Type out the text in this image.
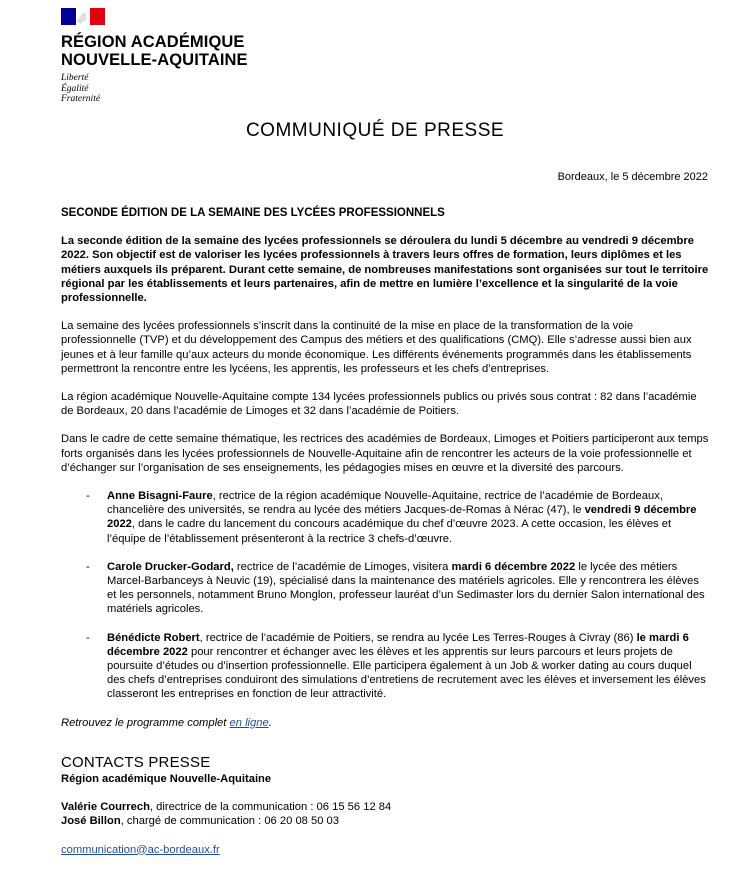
RÉGION ACADÉMIQUE
NOUVELLE-AQUITAINE
Liberté
Égalité
Fraternité
COMMUNIQUÉ DE PRESSE
Bordeaux, le 5 décembre 2022

SECONDE ÉDITION DE LA SEMAINE DES LYCÉES PROFESSIONNELS

La seconde édition de la semaine des lycées professionnels se déroulera du lundi 5 décembre au vendredi 9 décembre 2022. Son objectif est de valoriser les lycées professionnels à travers leurs offres de formation, leurs diplômes et les métiers auxquels ils préparent. Durant cette semaine, de nombreuses manifestations sont organisées sur tout le territoire régional par les établissements et leurs partenaires, afin de mettre en lumière l’excellence et la singularité de la voie professionnelle.

La semaine des lycées professionnels s’inscrit dans la continuité de la mise en place de la transformation de la voie professionnelle (TVP) et du développement des Campus des métiers et des qualifications (CMQ). Elle s’adresse aussi bien aux jeunes et à leur famille qu’aux acteurs du monde économique. Les différents événements programmés dans les établissements permettront la rencontre entre les lycéens, les apprentis, les professeurs et les chefs d’entreprises.

La région académique Nouvelle-Aquitaine compte 134 lycées professionnels publics ou privés sous contrat : 82 dans l’académie de Bordeaux, 20 dans l’académie de Limoges et 32 dans l’académie de Poitiers.

Dans le cadre de cette semaine thématique, les rectrices des académies de Bordeaux, Limoges et Poitiers participeront aux temps forts organisés dans les lycées professionnels de Nouvelle-Aquitaine afin de rencontrer les acteurs de la voie professionnelle et d’échanger sur l’organisation de ses enseignements, les pédagogies mises en œuvre et la diversité des parcours.

- Anne Bisagni-Faure, rectrice de la région académique Nouvelle-Aquitaine, rectrice de l’académie de Bordeaux, chancelière des universités, se rendra au lycée des métiers Jacques-de-Romas à Nérac (47), le vendredi 9 décembre 2022, dans le cadre du lancement du concours académique du chef d’œuvre 2023. A cette occasion, les élèves et l’équipe de l’établissement présenteront à la rectrice 3 chefs-d’œuvre.
- Carole Drucker-Godard, rectrice de l’académie de Limoges, visitera mardi 6 décembre 2022 le lycée des métiers Marcel-Barbanceys à Neuvic (19), spécialisé dans la maintenance des matériels agricoles. Elle y rencontrera les élèves et les personnels, notamment Bruno Monglon, professeur lauréat d’un Sedimaster lors du dernier Salon international des matériels agricoles.
- Bénédicte Robert, rectrice de l’académie de Poitiers, se rendra au lycée Les Terres-Rouges à Civray (86) le mardi 6 décembre 2022 pour rencontrer et échanger avec les élèves et les apprentis sur leurs parcours et leurs projets de poursuite d’études ou d’insertion professionnelle. Elle participera également à un Job & worker dating au cours duquel des chefs d’entreprises conduiront des simulations d’entretiens de recrutement avec les élèves et inversement les élèves classeront les entreprises en fonction de leur attractivité.

Retrouvez le programme complet en ligne.

CONTACTS PRESSE

Région académique Nouvelle-Aquitaine

Valérie Courrech, directrice de la communication : 06 15 56 12 84

José Billon, chargé de communication : 06 20 08 50 03

communication@ac-bordeaux.fr
